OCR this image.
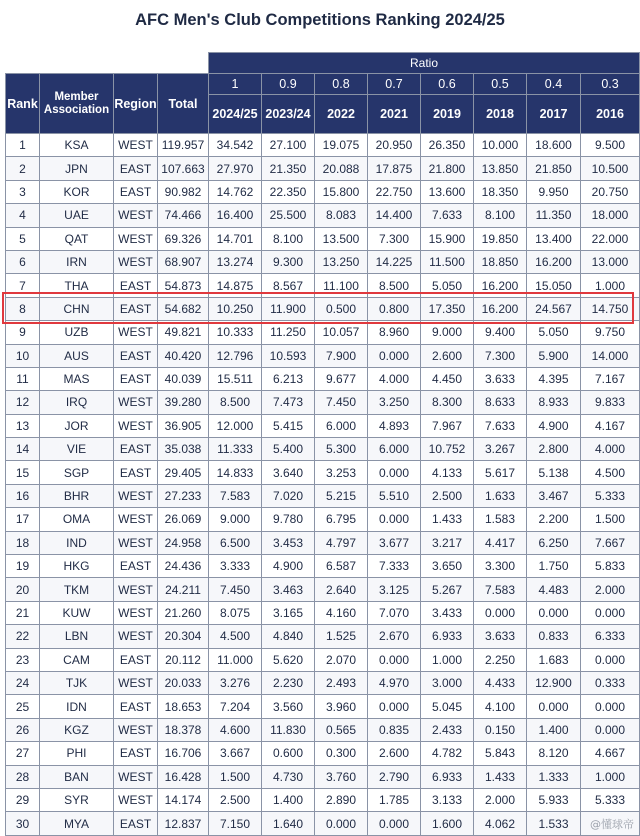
AFC Men's Club Competitions Ranking 2024/25
				Ratio							
Rank	Member Association	Region	Total	1	0.9	0.8	0.7	0.6	0.5	0.4	0.3
				2024/25	2023/24	2022	2021	2019	2018	2017	2016
1	KSA	WEST	119.957	34.542	27.100	19.075	20.950	26.350	10.000	18.600	9.500
2	JPN	EAST	107.663	27.970	21.350	20.088	17.875	21.800	13.850	21.850	10.500
3	KOR	EAST	90.982	14.762	22.350	15.800	22.750	13.600	18.350	9.950	20.750
4	UAE	WEST	74.466	16.400	25.500	8.083	14.400	7.633	8.100	11.350	18.000
5	QAT	WEST	69.326	14.701	8.100	13.500	7.300	15.900	19.850	13.400	22.000
6	IRN	WEST	68.907	13.274	9.300	13.250	14.225	11.500	18.850	16.200	13.000
7	THA	EAST	54.873	14.875	8.567	11.100	8.500	5.050	16.200	15.050	1.000
8	CHN	EAST	54.682	10.250	11.900	0.500	0.800	17.350	16.200	24.567	14.750
9	UZB	WEST	49.821	10.333	11.250	10.057	8.960	9.000	9.400	5.050	9.750
10	AUS	EAST	40.420	12.796	10.593	7.900	0.000	2.600	7.300	5.900	14.000
11	MAS	EAST	40.039	15.511	6.213	9.677	4.000	4.450	3.633	4.395	7.167
12	IRQ	WEST	39.280	8.500	7.473	7.450	3.250	8.300	8.633	8.933	9.833
13	JOR	WEST	36.905	12.000	5.415	6.000	4.893	7.967	7.633	4.900	4.167
14	VIE	EAST	35.038	11.333	5.400	5.300	6.000	10.752	3.267	2.800	4.000
15	SGP	EAST	29.405	14.833	3.640	3.253	0.000	4.133	5.617	5.138	4.500
16	BHR	WEST	27.233	7.583	7.020	5.215	5.510	2.500	1.633	3.467	5.333
17	OMA	WEST	26.069	9.000	9.780	6.795	0.000	1.433	1.583	2.200	1.500
18	IND	WEST	24.958	6.500	3.453	4.797	3.677	3.217	4.417	6.250	7.667
19	HKG	EAST	24.436	3.333	4.900	6.587	7.333	3.650	3.300	1.750	5.833
20	TKM	WEST	24.211	7.450	3.463	2.640	3.125	5.267	7.583	4.483	2.000
21	KUW	WEST	21.260	8.075	3.165	4.160	7.070	3.433	0.000	0.000	0.000
22	LBN	WEST	20.304	4.500	4.840	1.525	2.670	6.933	3.633	0.833	6.333
23	CAM	EAST	20.112	11.000	5.620	2.070	0.000	1.000	2.250	1.683	0.000
24	TJK	WEST	20.033	3.276	2.230	2.493	4.970	3.000	4.433	12.900	0.333
25	IDN	EAST	18.653	7.204	3.560	3.960	0.000	5.045	4.100	0.000	0.000
26	KGZ	WEST	18.378	4.600	11.830	0.565	0.835	2.433	0.150	1.400	0.000
27	PHI	EAST	16.706	3.667	0.600	0.300	2.600	4.782	5.843	8.120	4.667
28	BAN	WEST	16.428	1.500	4.730	3.760	2.790	6.933	1.433	1.333	1.000
29	SYR	WEST	14.174	2.500	1.400	2.890	1.785	3.133	2.000	5.933	5.333
30	MYA	EAST	12.837	7.150	1.640	0.000	0.000	1.600	4.062	1.533	@懂球帝
